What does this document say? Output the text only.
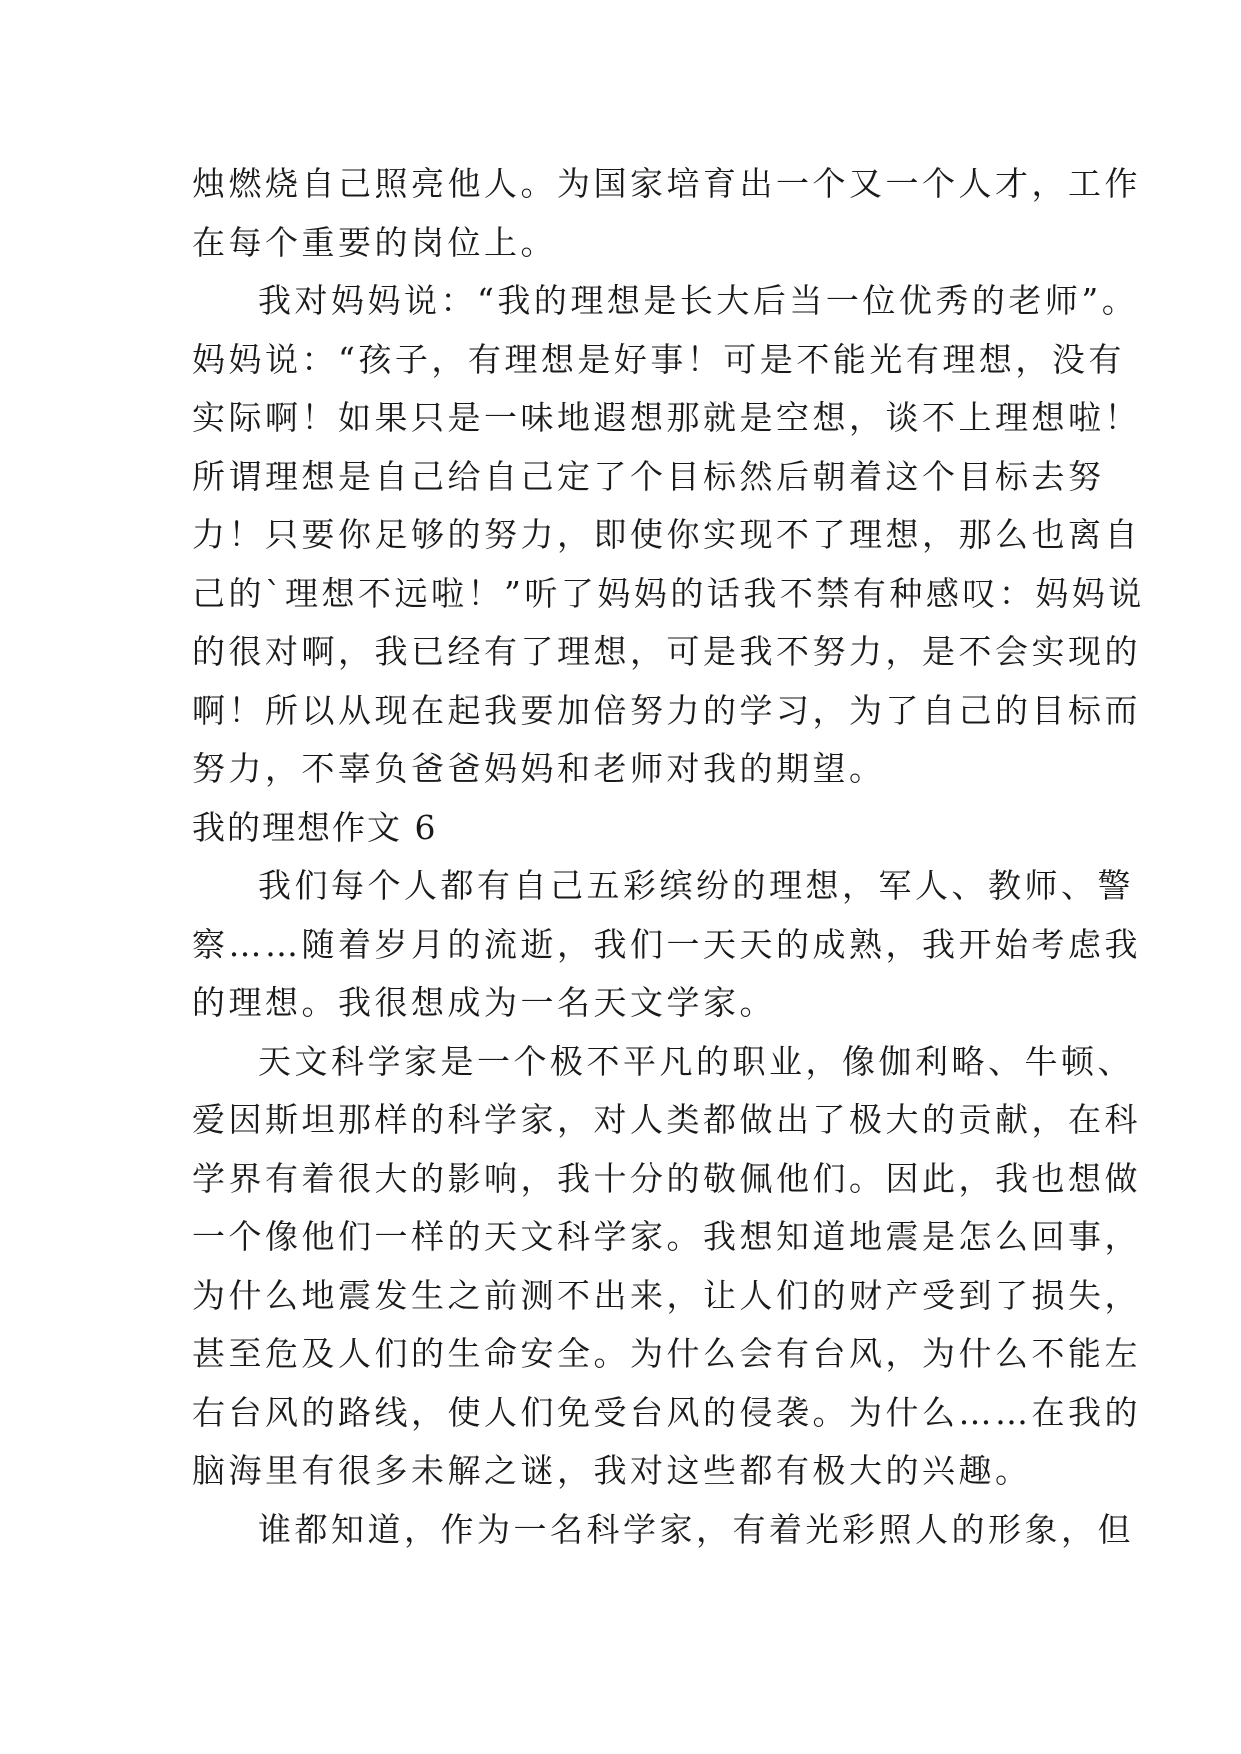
烛燃烧自己照亮他人。为国家培育出一个又一个人才，工作
在每个重要的岗位上。
我对妈妈说：“我的理想是长大后当一位优秀的老师”。
妈妈说：“孩子，有理想是好事！可是不能光有理想，没有
实际啊！如果只是一味地遐想那就是空想，谈不上理想啦！
所谓理想是自己给自己定了个目标然后朝着这个目标去努
力！只要你足够的努力，即使你实现不了理想，那么也离自
己的`理想不远啦！”听了妈妈的话我不禁有种感叹：妈妈说
的很对啊，我已经有了理想，可是我不努力，是不会实现的
啊！所以从现在起我要加倍努力的学习，为了自己的目标而
努力，不辜负爸爸妈妈和老师对我的期望。
我的理想作文 6
我们每个人都有自己五彩缤纷的理想，军人、教师、警
察……随着岁月的流逝，我们一天天的成熟，我开始考虑我
的理想。我很想成为一名天文学家。
天文科学家是一个极不平凡的职业，像伽利略、牛顿、
爱因斯坦那样的科学家，对人类都做出了极大的贡献，在科
学界有着很大的影响，我十分的敬佩他们。因此，我也想做
一个像他们一样的天文科学家。我想知道地震是怎么回事，
为什么地震发生之前测不出来，让人们的财产受到了损失，
甚至危及人们的生命安全。为什么会有台风，为什么不能左
右台风的路线，使人们免受台风的侵袭。为什么……在我的
脑海里有很多未解之谜，我对这些都有极大的兴趣。
谁都知道，作为一名科学家，有着光彩照人的形象，但
